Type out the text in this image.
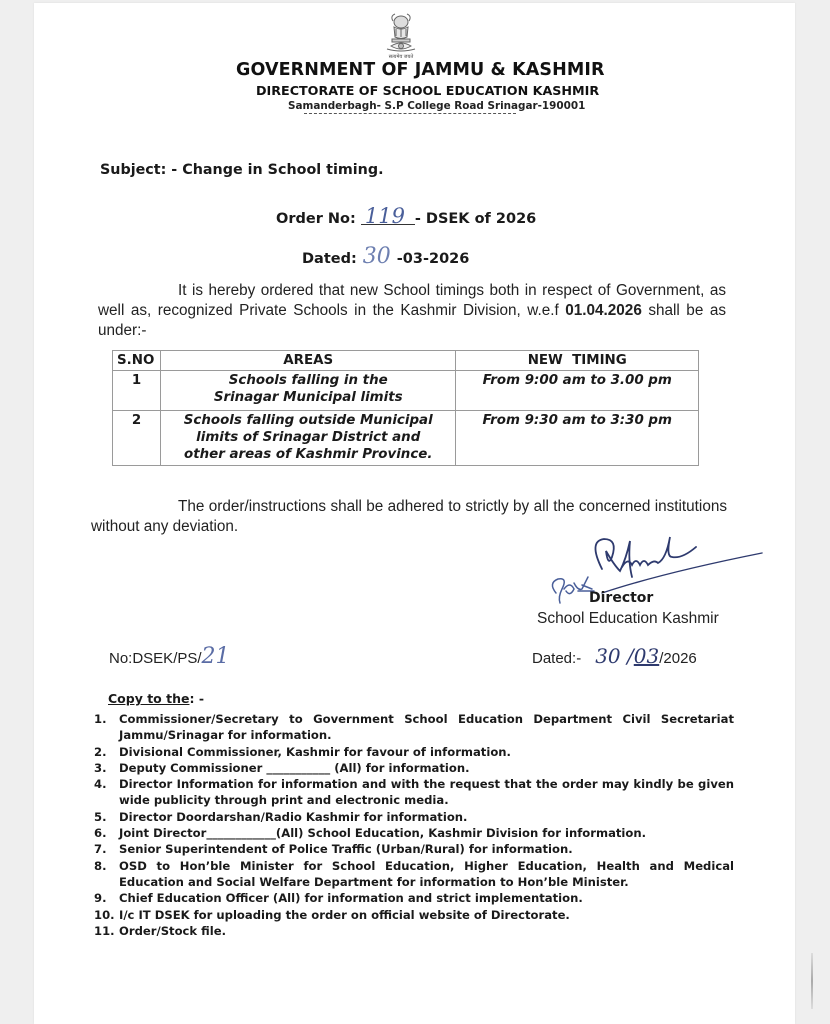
सत्यमेव जयते
GOVERNMENT OF JAMMU & KASHMIR
DIRECTORATE OF SCHOOL EDUCATION KASHMIR
Samanderbagh- S.P College Road Srinagar-190001
Subject: - Change in School timing.
Order No: 119 - DSEK of 2026
Dated: 30 -03-2026
It is hereby ordered that new School timings both in respect of Government, as well as, recognized Private Schools in the Kashmir Division, w.e.f 01.04.2026 shall be as under:-
S.NO	AREAS	NEW  TIMING
1	Schools falling in the Srinagar Municipal limits	From 9:00 am to 3.00 pm
2	Schools falling outside Municipal limits of Srinagar District and other areas of Kashmir Province.	From 9:30 am to 3:30 pm
The order/instructions shall be adhered to strictly by all the concerned institutions without any deviation.
Director
School Education Kashmir
No:DSEK/PS/21	Dated:- 30 /03/2026
Copy to the: -
1. Commissioner/Secretary to Government School Education Department Civil Secretariat Jammu/Srinagar for information.
2. Divisional Commissioner, Kashmir for favour of information.
3. Deputy Commissioner ___________ (All) for information.
4. Director Information for information and with the request that the order may kindly be given wide publicity through print and electronic media.
5. Director Doordarshan/Radio Kashmir for information.
6. Joint Director____________(All) School Education, Kashmir Division for information.
7. Senior Superintendent of Police Traffic (Urban/Rural) for information.
8. OSD to Hon’ble Minister for School Education, Higher Education, Health and Medical Education and Social Welfare Department for information to Hon’ble Minister.
9. Chief Education Officer (All) for information and strict implementation.
10. I/c IT DSEK for uploading the order on official website of Directorate.
11. Order/Stock file.
